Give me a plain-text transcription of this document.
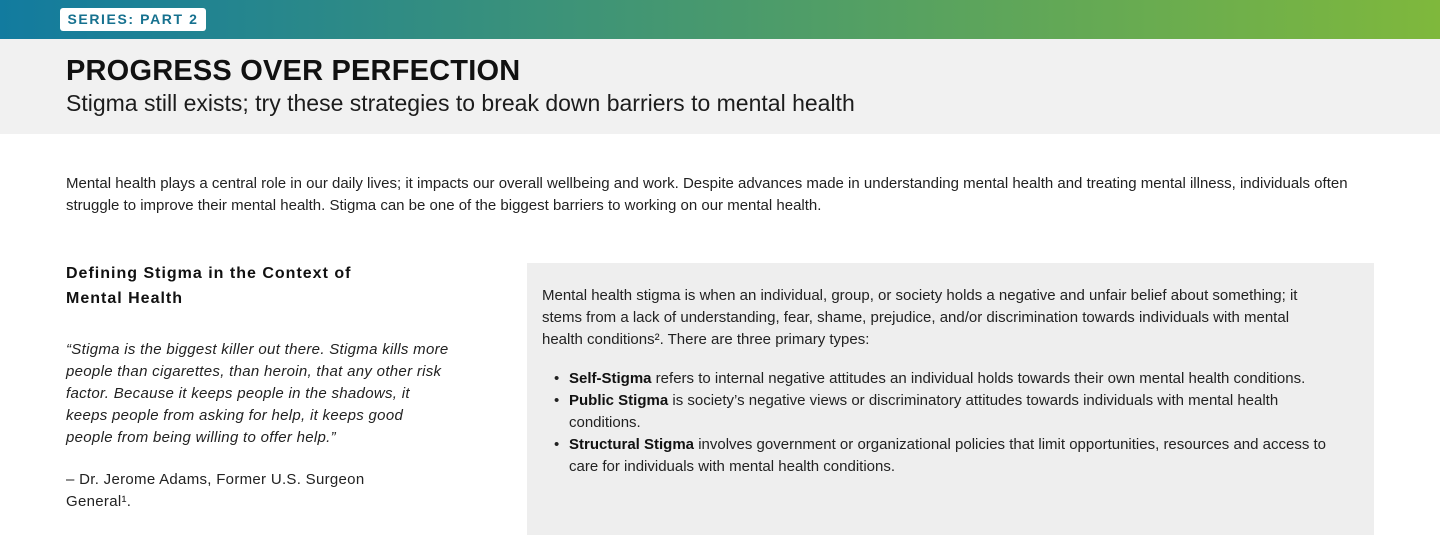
SERIES: PART 2
PROGRESS OVER PERFECTION
Stigma still exists; try these strategies to break down barriers to mental health

Mental health plays a central role in our daily lives; it impacts our overall wellbeing and work. Despite advances made in understanding mental health and treating mental illness, individuals often struggle to improve their mental health. Stigma can be one of the biggest barriers to working on our mental health.

Defining Stigma in the Context of Mental Health

“Stigma is the biggest killer out there. Stigma kills more people than cigarettes, than heroin, that any other risk factor. Because it keeps people in the shadows, it keeps people from asking for help, it keeps good people from being willing to offer help.”

– Dr. Jerome Adams, Former U.S. Surgeon General¹.

Mental health stigma is when an individual, group, or society holds a negative and unfair belief about something; it stems from a lack of understanding, fear, shame, prejudice, and/or discrimination towards individuals with mental health conditions². There are three primary types:

• Self-Stigma refers to internal negative attitudes an individual holds towards their own mental health conditions.
• Public Stigma is society’s negative views or discriminatory attitudes towards individuals with mental health conditions.
• Structural Stigma involves government or organizational policies that limit opportunities, resources and access to care for individuals with mental health conditions.
